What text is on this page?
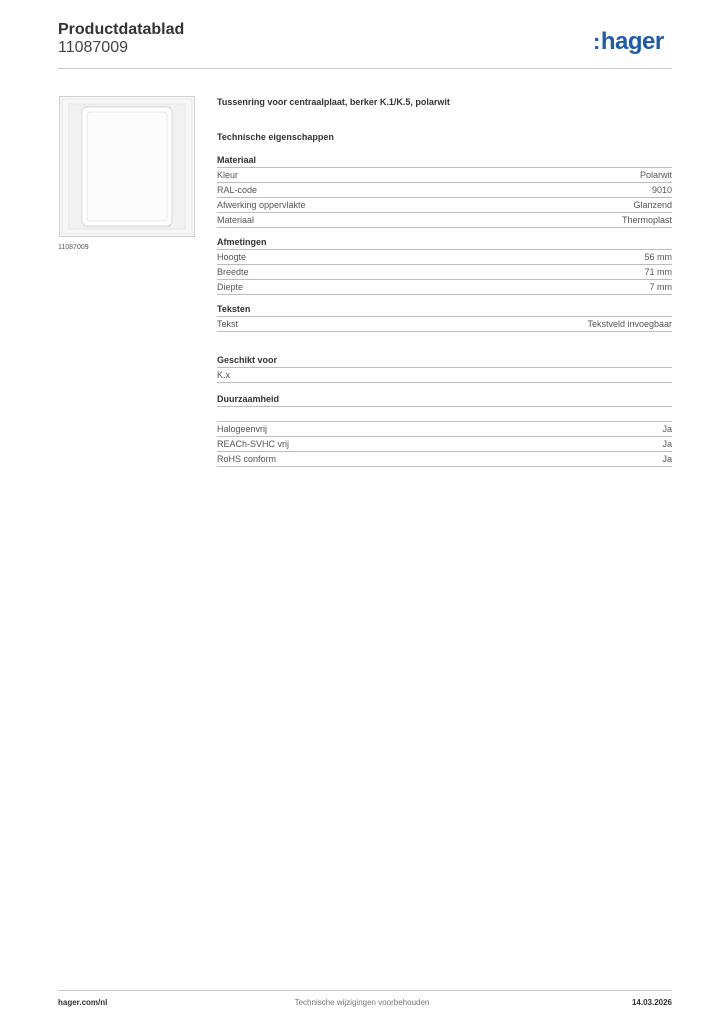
Productdatablad
11087009	:hager
11087009
Tussenring voor centraalplaat, berker K.1/K.5, polarwit
Technische eigenschappen
Materiaal
Kleur	Polarwit
RAL-code	9010
Afwerking oppervlakte	Glanzend
Materiaal	Thermoplast
Afmetingen
Hoogte	56 mm
Breedte	71 mm
Diepte	7 mm
Teksten
Tekst	Tekstveld invoegbaar
Geschikt voor
K.x
Duurzaamheid
Halogeenvrij	Ja
REACh-SVHC vrij	Ja
RoHS conform	Ja
hager.com/nl	Technische wijzigingen voorbehouden	14.03.2026
